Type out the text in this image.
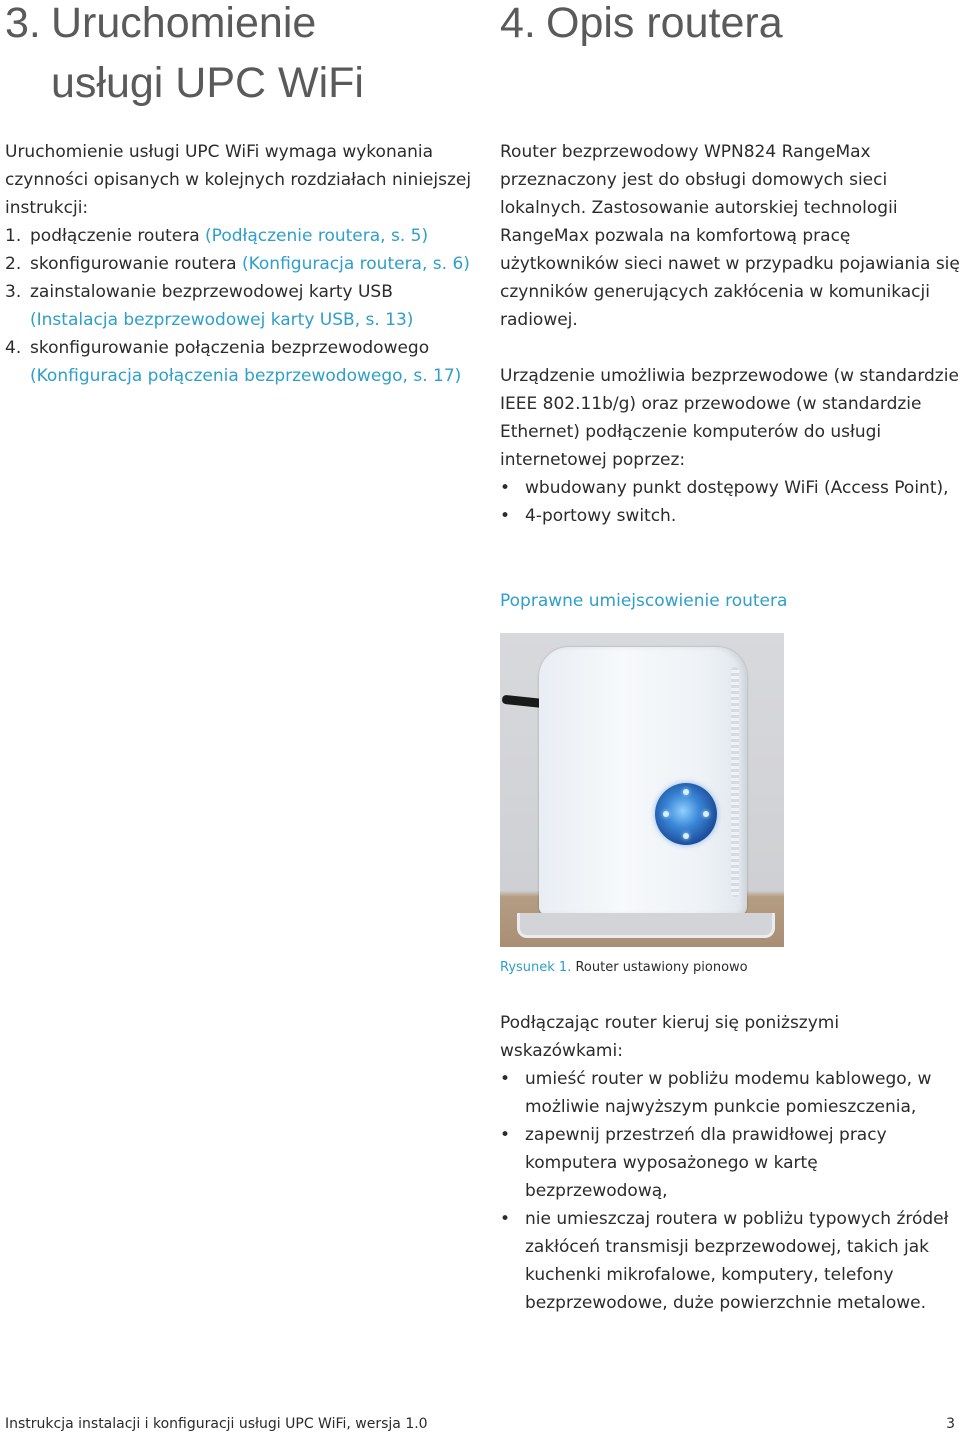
3. Uruchomienie
usługi UPC WiFi

Uruchomienie usługi UPC WiFi wymaga wykonania czynności opisanych w kolejnych rozdziałach niniejszej instrukcji:

1. podłączenie routera (Podłączenie routera, s. 5)
2. skonfigurowanie routera (Konfiguracja routera, s. 6)
3. zainstalowanie bezprzewodowej karty USB (Instalacja bezprzewodowej karty USB, s. 13)
4. skonfigurowanie połączenia bezprzewodowego (Konfiguracja połączenia bezprzewodowego, s. 17)
4. Opis routera

Router bezprzewodowy WPN824 RangeMax przeznaczony jest do obsługi domowych sieci lokalnych. Zastosowanie autorskiej technologii RangeMax pozwala na komfortową pracę użytkowników sieci nawet w przypadku pojawiania się czynników generujących zakłócenia w komunikacji radiowej.

Urządzenie umożliwia bezprzewodowe (w standardzie IEEE 802.11b/g) oraz przewodowe (w standardzie Ethernet) podłączenie komputerów do usługi internetowej poprzez:
• wbudowany punkt dostępowy WiFi (Access Point),
• 4-portowy switch.

Poprawne umiejscowienie routera

Rysunek 1. Router ustawiony pionowo

Podłączając router kieruj się poniższymi wskazówkami:
• umieść router w pobliżu modemu kablowego, w możliwie najwyższym punkcie pomieszczenia,
• zapewnij przestrzeń dla prawidłowej pracy komputera wyposażonego w kartę bezprzewodową,
• nie umieszczaj routera w pobliżu typowych źródeł zakłóceń transmisji bezprzewodowej, takich jak kuchenki mikrofalowe, komputery, telefony bezprzewodowe, duże powierzchnie metalowe.
Instrukcja instalacji i konfiguracji usługi UPC WiFi, wersja 1.0	3
